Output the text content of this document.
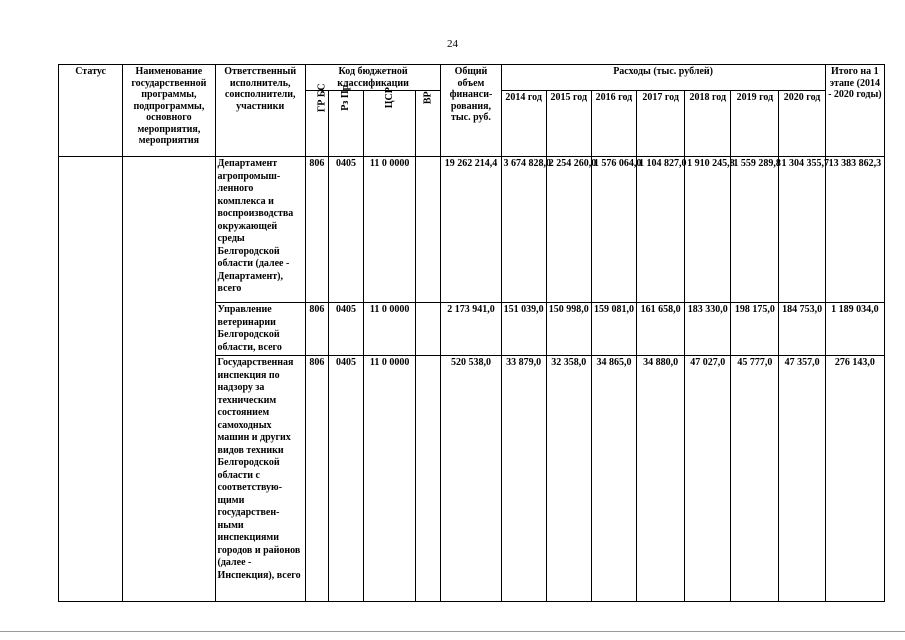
24
Статус	Наименование государственной программы, подпрограммы, основного мероприятия, мероприятия	Ответственный исполнитель, соисполнители, участники	Код бюджетной классификации				Общий объем финанси-рования, тыс. руб.	Расходы (тыс. рублей)							Итого на 1 этапе (2014 - 2020 годы)
			ГР БС	Рз Пр	ЦСР	ВР		2014 год	2015 год	2016 год	2017 год	2018 год	2019 год	2020 год	
		Департамент агропромыш-ленного комплекса и воспроизводства окружающей среды Белгородской области (далее - Департамент), всего	806	0405	11 0 0000		19 262 214,4	3 674 828,0	2 254 260,0	1 576 064,0	1 104 827,0	1 910 245,8	1 559 289,8	1 304 355,7	13 383 862,3
		Управление ветеринарии Белгородской области, всего	806	0405	11 0 0000		2 173 941,0	151 039,0	150 998,0	159 081,0	161 658,0	183 330,0	198 175,0	184 753,0	1 189 034,0
		Государственная инспекция по надзору за техническим состоянием самоходных машин и других видов техники Белгородской области с соответствую-щими государствен-ными инспекциями городов и районов (далее - Инспекция), всего	806	0405	11 0 0000		520 538,0	33 879,0	32 358,0	34 865,0	34 880,0	47 027,0	45 777,0	47 357,0	276 143,0
